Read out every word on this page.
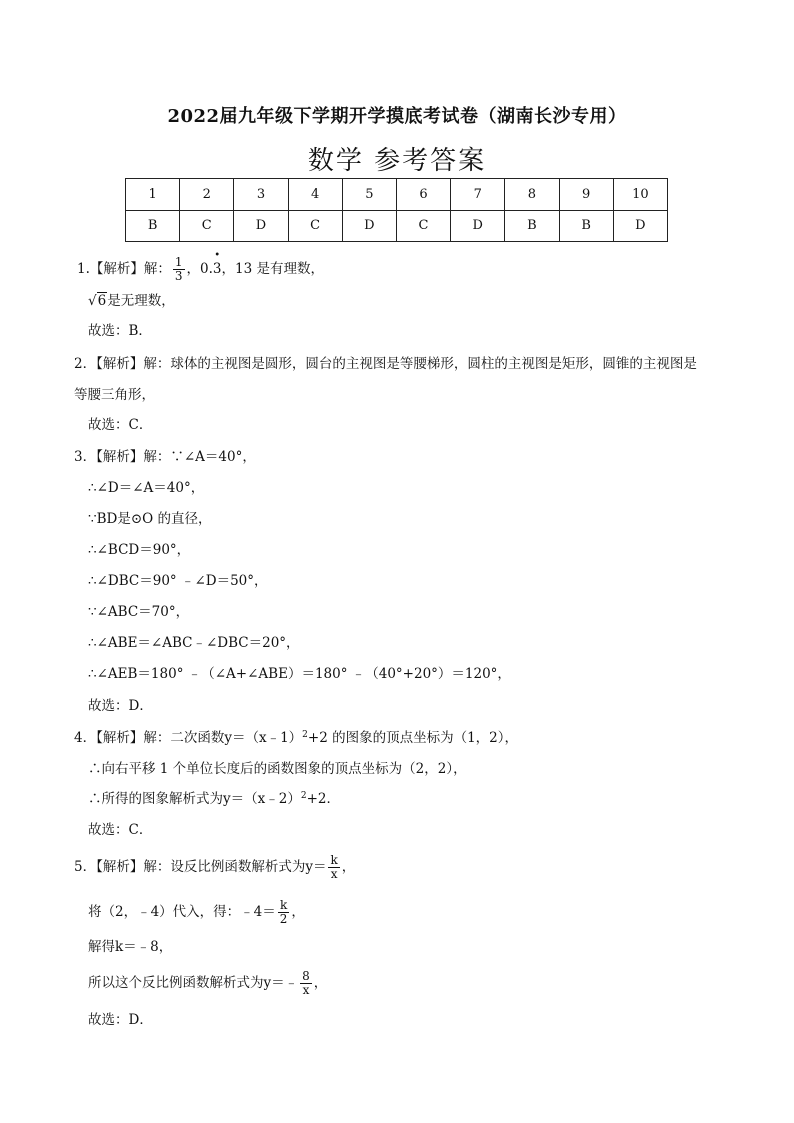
2022届九年级下学期开学摸底考试卷（湖南长沙专用）
数学 参考答案
1	2	3	4	5	6	7	8	9	10
B	C	D	C	D	C	D	B	B	D
1.【解析】解： $\frac{1}{3}$ ，0.
•
3，13 是有理数，
√6是无理数，
故选：B．
2．【解析】解：球体的主视图是圆形，圆台的主视图是等腰梯形，圆柱的主视图是矩形，圆锥的主视图是
等腰三角形，
故选：C．
3．【解析】解：∵∠A＝40°，
∴∠D＝∠A＝40°，
∵BD是⊙O 的直径，
∴∠BCD＝90°，
∴∠DBC＝90° ﹣∠D＝50°，
∵∠ABC＝70°，
∴∠ABE＝∠ABC﹣∠DBC＝20°，
∴∠AEB＝180° ﹣（∠A+∠ABE）＝180° ﹣（40°+20°）＝120°，
故选：D．
4．【解析】解：二次函数y＝（x﹣1）$^2$+2 的图象的顶点坐标为（1，2），
∴向右平移 1 个单位长度后的函数图象的顶点坐标为（2，2），
∴所得的图象解析式为y＝（x﹣2）$^2$+2．
故选：C．
5．【解析】解：设反比例函数解析式为$y= \frac{k}{x}$ ，
将（2，﹣4）代入，得：﹣4＝ $\frac{k}{2}$ ，
解得k＝﹣8，
所以这个反比例函数解析式为y＝﹣ $\frac{8}{x}$ ，
故选：D．
